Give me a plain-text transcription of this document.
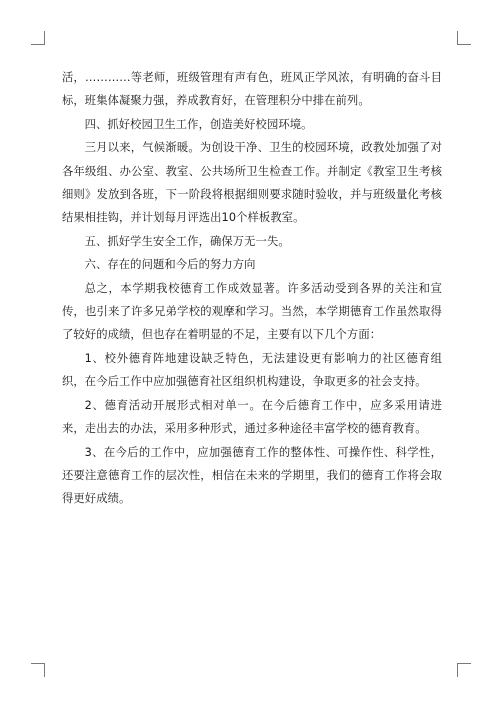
活，…………等老师，班级管理有声有色，班风正学风浓，有明确的奋斗目标，班集体凝聚力强，养成教育好，在管理积分中排在前列。

四、抓好校园卫生工作，创造美好校园环境。

三月以来，气候渐暖。为创设干净、卫生的校园环境，政教处加强了对各年级组、办公室、教室、公共场所卫生检查工作。并制定《教室卫生考核细则》发放到各班，下一阶段将根据细则要求随时验收，并与班级量化考核结果相挂钩，并计划每月评选出10个样板教室。

五、抓好学生安全工作，确保万无一失。

六、存在的问题和今后的努力方向

总之，本学期我校德育工作成效显著。许多活动受到各界的关注和宣传，也引来了许多兄弟学校的观摩和学习。当然，本学期德育工作虽然取得了较好的成绩，但也存在着明显的不足，主要有以下几个方面：

1、校外德育阵地建设缺乏特色，无法建设更有影响力的社区德育组织，在今后工作中应加强德育社区组织机构建设，争取更多的社会支持。

2、德育活动开展形式相对单一。在今后德育工作中，应多采用请进来，走出去的办法，采用多种形式，通过多种途径丰富学校的德育教育。

3、在今后的工作中，应加强德育工作的整体性、可操作性、科学性，还要注意德育工作的层次性，相信在未来的学期里，我们的德育工作将会取得更好成绩。
